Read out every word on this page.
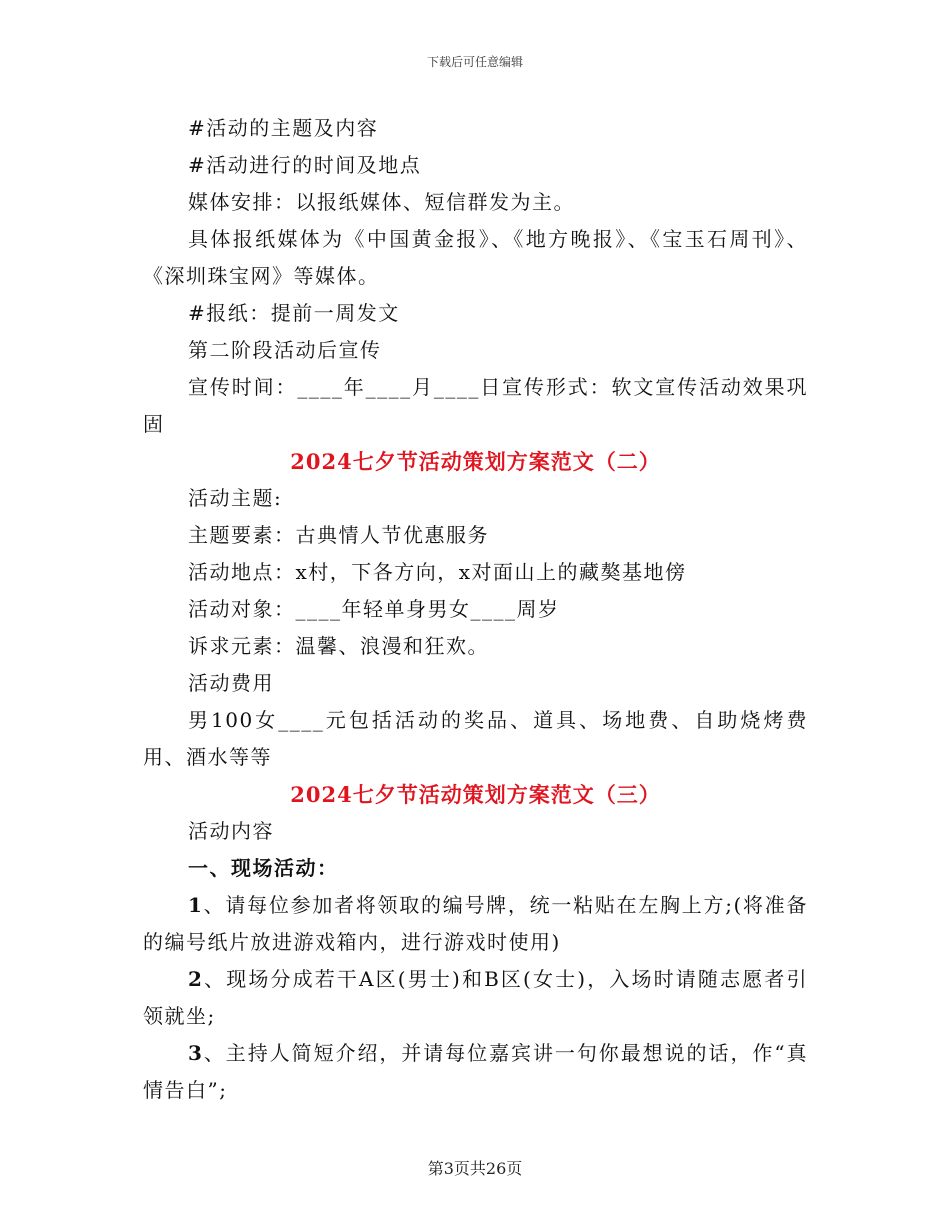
下载后可任意编辑

#活动的主题及内容

#活动进行的时间及地点

媒体安排：以报纸媒体、短信群发为主。

具体报纸媒体为《中国黄金报》、《地方晚报》、《宝玉石周刊》、《深圳珠宝网》等媒体。

#报纸：提前一周发文

第二阶段活动后宣传

宣传时间：____年____月____日宣传形式：软文宣传活动效果巩固

2024七夕节活动策划方案范文（二）

活动主题:

主题要素：古典情人节优惠服务

活动地点：x村，下各方向，x对面山上的藏獒基地傍

活动对象：____年轻单身男女____周岁

诉求元素：温馨、浪漫和狂欢。

活动费用

男100女____元包括活动的奖品、道具、场地费、自助烧烤费用、酒水等等

2024七夕节活动策划方案范文（三）

活动内容

一、现场活动：

1、请每位参加者将领取的编号牌，统一粘贴在左胸上方;(将准备的编号纸片放进游戏箱内，进行游戏时使用)

2、现场分成若干A区(男士)和B区(女士)，入场时请随志愿者引领就坐;

3、主持人简短介绍，并请每位嘉宾讲一句你最想说的话，作“真情告白”;

第3页共26页
